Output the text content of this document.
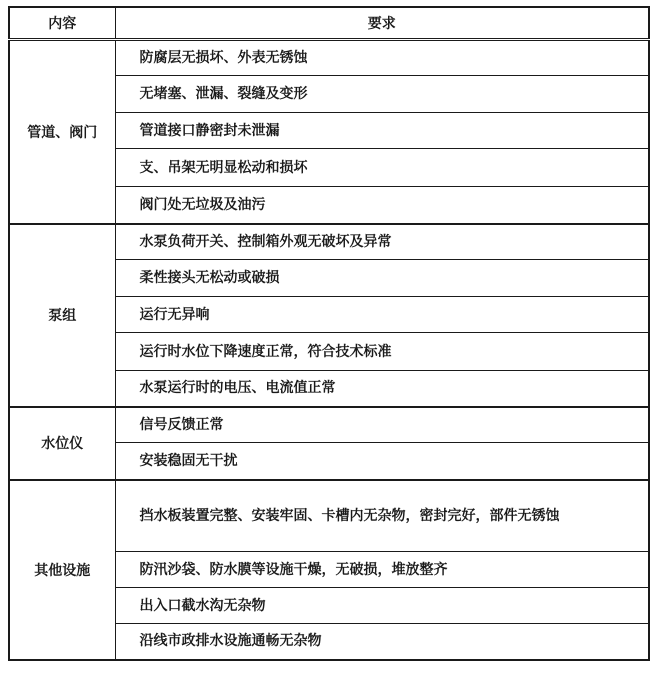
内容	要求
管道、阀门	防腐层无损坏、外表无锈蚀
	无堵塞、泄漏、裂缝及变形
	管道接口静密封未泄漏
	支、吊架无明显松动和损坏
	阀门处无垃圾及油污
泵组	水泵负荷开关、控制箱外观无破坏及异常
	柔性接头无松动或破损
	运行无异响
	运行时水位下降速度正常，符合技术标准
	水泵运行时的电压、电流值正常
水位仪	信号反馈正常
	安装稳固无干扰
其他设施	挡水板装置完整、安装牢固、卡槽内无杂物，密封完好，部件无锈蚀
	防汛沙袋、防水膜等设施干燥，无破损，堆放整齐
	出入口截水沟无杂物
	沿线市政排水设施通畅无杂物
